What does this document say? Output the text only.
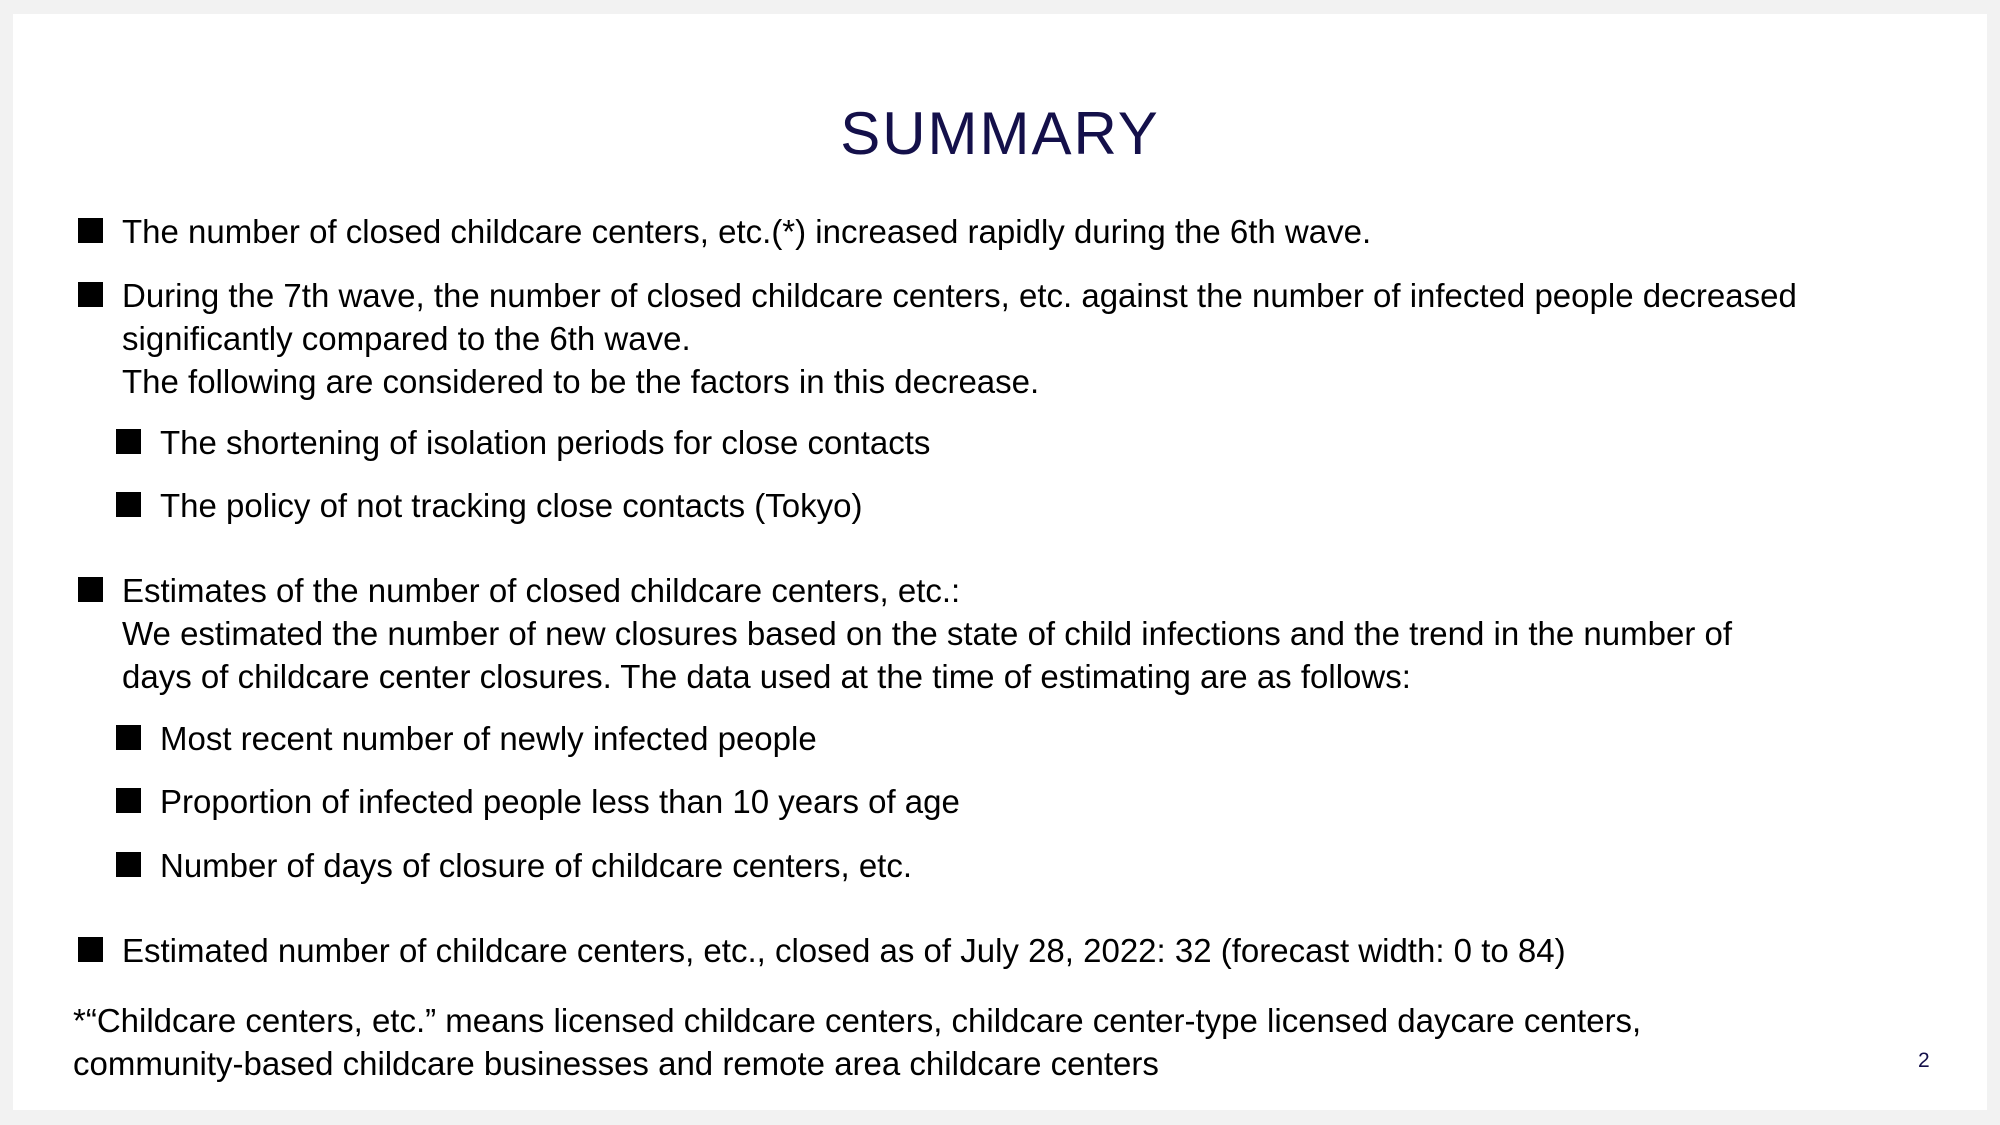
SUMMARY
The number of closed childcare centers, etc.(*) increased rapidly during the 6th wave.
During the 7th wave, the number of closed childcare centers, etc. against the number of infected people decreased
significantly compared to the 6th wave.
The following are considered to be the factors in this decrease.
The shortening of isolation periods for close contacts
The policy of not tracking close contacts (Tokyo)
Estimates of the number of closed childcare centers, etc.:
We estimated the number of new closures based on the state of child infections and the trend in the number of
days of childcare center closures. The data used at the time of estimating are as follows:
Most recent number of newly infected people
Proportion of infected people less than 10 years of age
Number of days of closure of childcare centers, etc.
Estimated number of childcare centers, etc., closed as of July 28, 2022: 32 (forecast width: 0 to 84)
*“Childcare centers, etc.” means licensed childcare centers, childcare center-type licensed daycare centers,
community-based childcare businesses and remote area childcare centers	2
